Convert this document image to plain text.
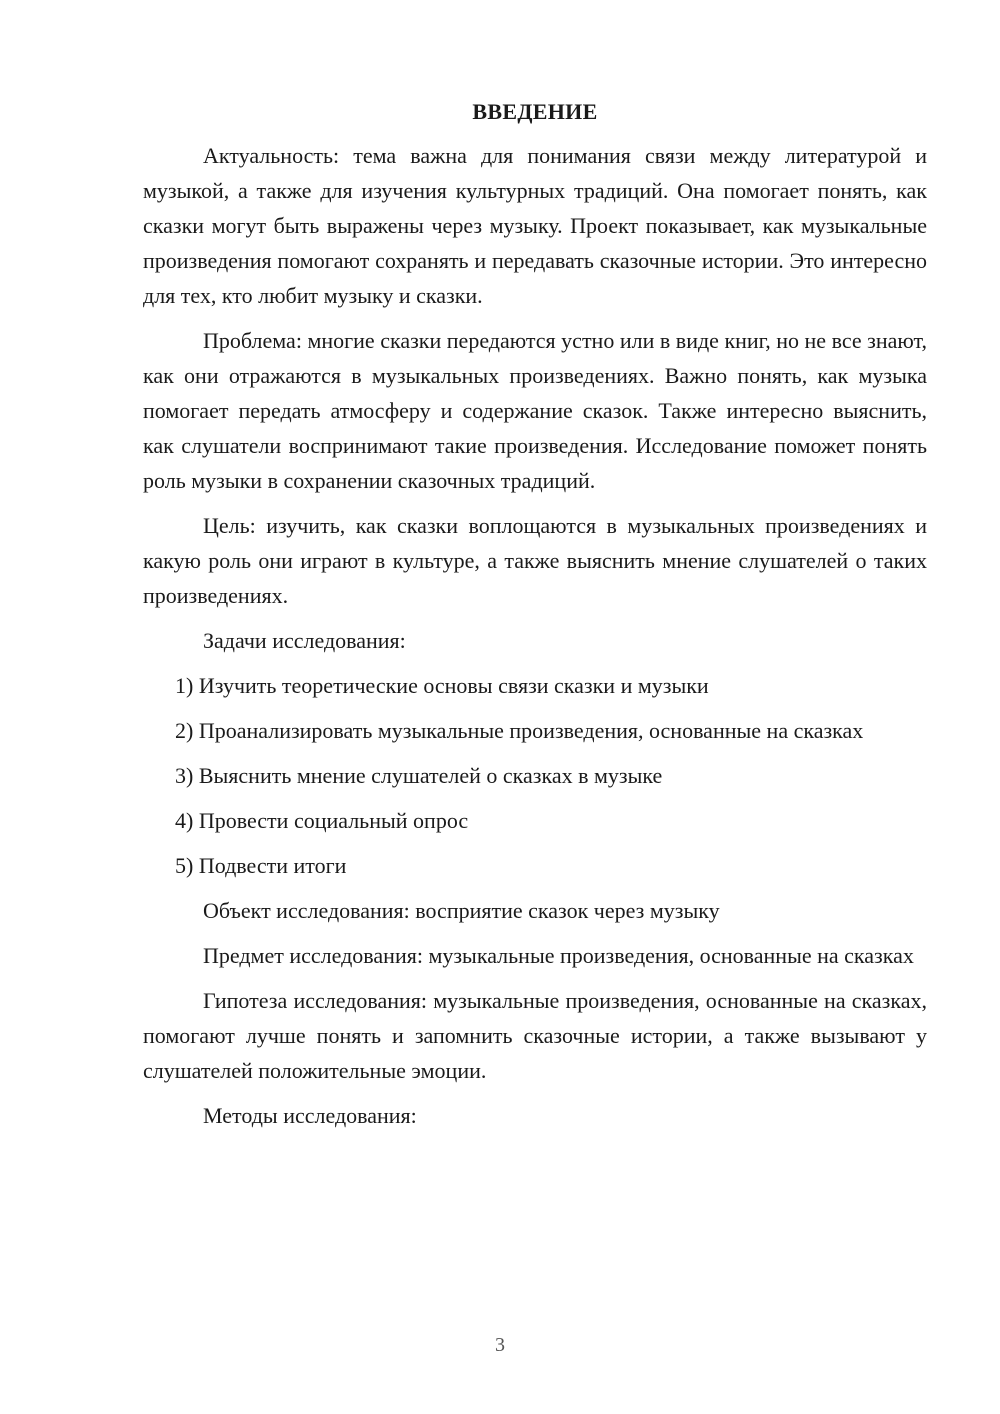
ВВЕДЕНИЕ

Актуальность: тема важна для понимания связи между литературой и музыкой, а также для изучения культурных традиций. Она помогает понять, как сказки могут быть выражены через музыку. Проект показывает, как музыкальные произведения помогают сохранять и передавать сказочные истории. Это интересно для тех, кто любит музыку и сказки.

Проблема: многие сказки передаются устно или в виде книг, но не все знают, как они отражаются в музыкальных произведениях. Важно понять, как музыка помогает передать атмосферу и содержание сказок. Также интересно выяснить, как слушатели воспринимают такие произведения. Исследование поможет понять роль музыки в сохранении сказочных традиций.

Цель: изучить, как сказки воплощаются в музыкальных произведениях и какую роль они играют в культуре, а также выяснить мнение слушателей о таких произведениях.

Задачи исследования:

1) Изучить теоретические основы связи сказки и музыки

2) Проанализировать музыкальные произведения, основанные на сказках

3) Выяснить мнение слушателей о сказках в музыке

4) Провести социальный опрос

5) Подвести итоги

Объект исследования: восприятие сказок через музыку

Предмет исследования: музыкальные произведения, основанные на сказках

Гипотеза исследования: музыкальные произведения, основанные на сказках, помогают лучше понять и запомнить сказочные истории, а также вызывают у слушателей положительные эмоции.

Методы исследования:

3
